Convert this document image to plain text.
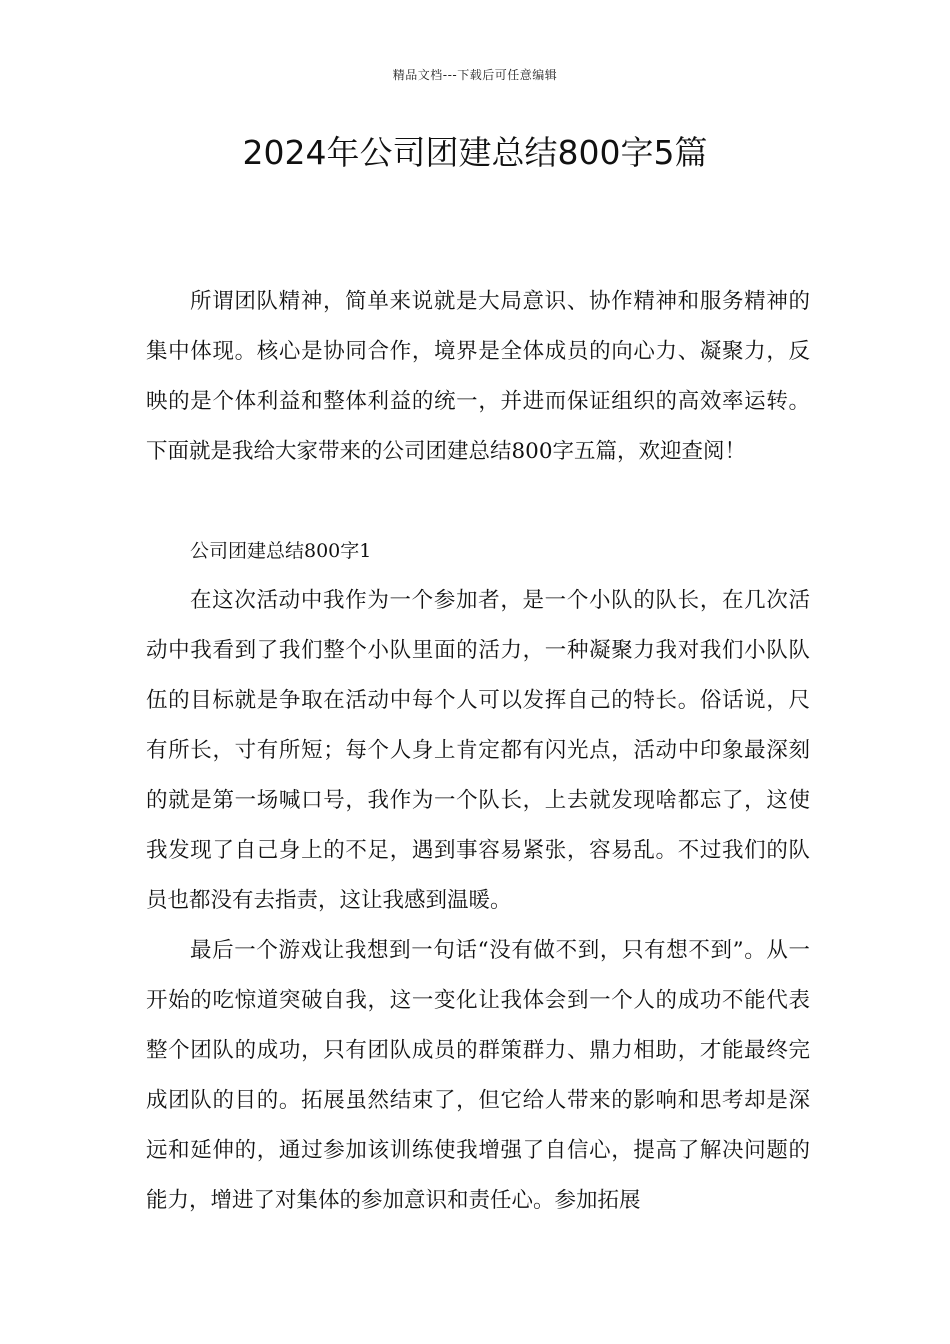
精品文档---下载后可任意编辑
2024年公司团建总结800字5篇

所谓团队精神，简单来说就是大局意识、协作精神和服务精神的集中体现。核心是协同合作，境界是全体成员的向心力、凝聚力，反映的是个体利益和整体利益的统一，并进而保证组织的高效率运转。下面就是我给大家带来的公司团建总结800字五篇，欢迎查阅！

公司团建总结800字1

在这次活动中我作为一个参加者，是一个小队的队长，在几次活动中我看到了我们整个小队里面的活力，一种凝聚力我对我们小队队伍的目标就是争取在活动中每个人可以发挥自己的特长。俗话说，尺有所长，寸有所短；每个人身上肯定都有闪光点，活动中印象最深刻的就是第一场喊口号，我作为一个队长，上去就发现啥都忘了，这使我发现了自己身上的不足，遇到事容易紧张，容易乱。不过我们的队员也都没有去指责，这让我感到温暖。

最后一个游戏让我想到一句话“没有做不到，只有想不到”。从一开始的吃惊道突破自我，这一变化让我体会到一个人的成功不能代表整个团队的成功，只有团队成员的群策群力、鼎力相助，才能最终完成团队的目的。拓展虽然结束了，但它给人带来的影响和思考却是深远和延伸的，通过参加该训练使我增强了自信心，提高了解决问题的能力，增进了对集体的参加意识和责任心。参加拓展
